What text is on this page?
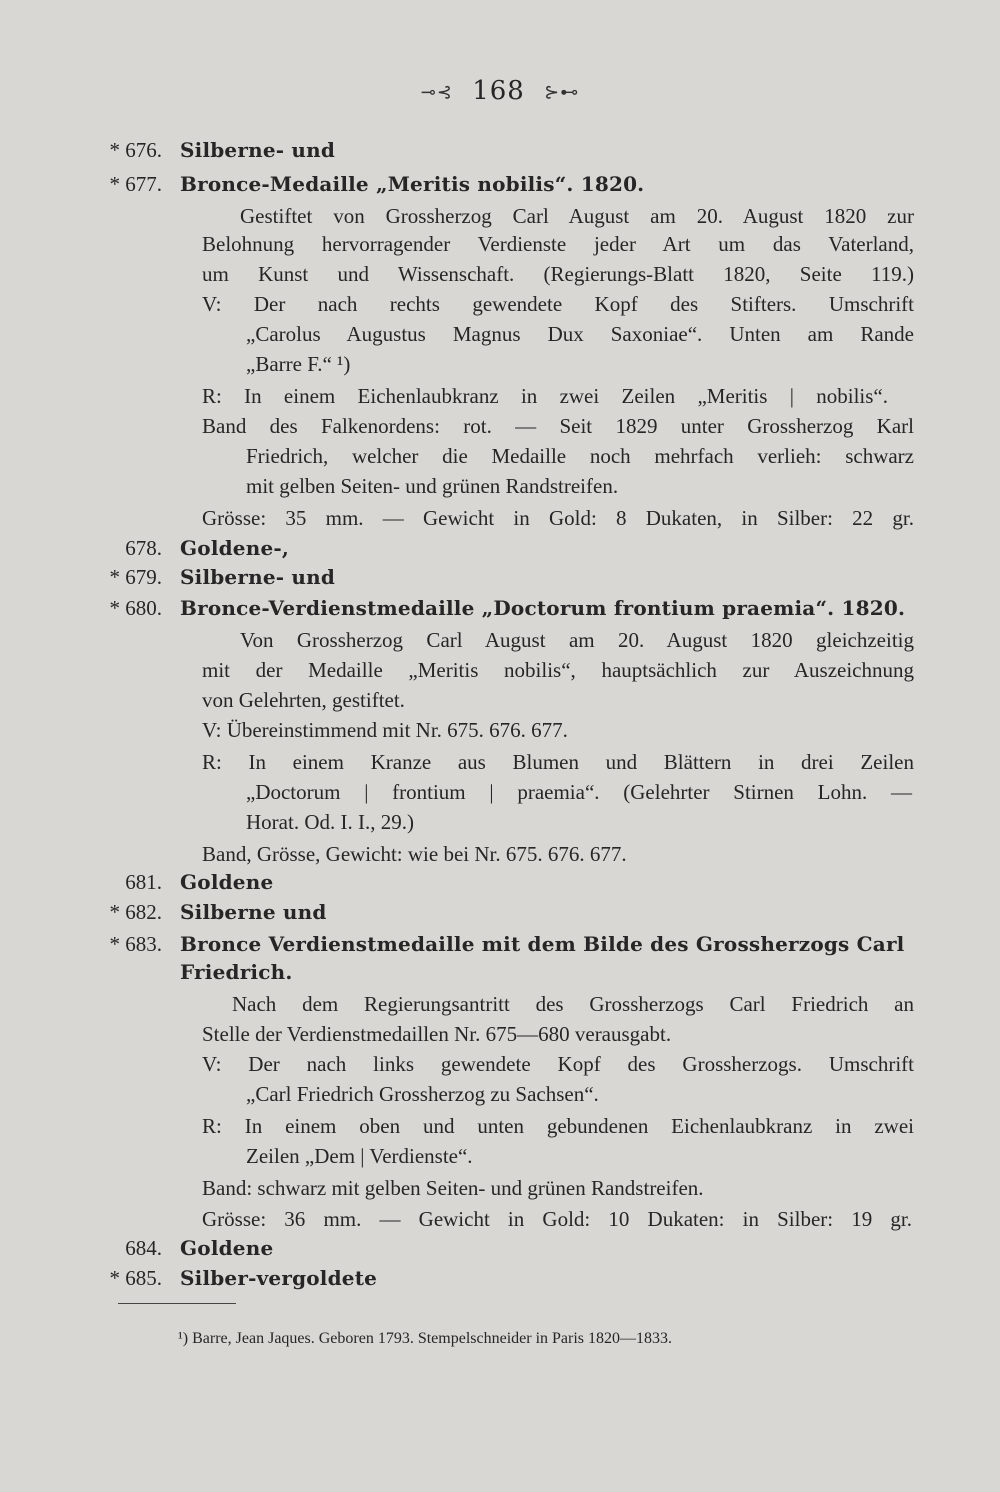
⊸⊰ 168 ⊱⊷
* 676. Silberne- und
* 677. Bronce-Medaille „Meritis nobilis“. 1820.
Gestiftet von Grossherzog Carl August am 20. August 1820 zur
Belohnung hervorragender Verdienste jeder Art um das Vaterland,
um Kunst und Wissenschaft. (Regierungs-Blatt 1820, Seite 119.)
V: Der nach rechts gewendete Kopf des Stifters. Umschrift
„Carolus Augustus Magnus Dux Saxoniae“. Unten am Rande
„Barre F.“ ¹)
R: In einem Eichenlaubkranz in zwei Zeilen „Meritis | nobilis“.
Band des Falkenordens: rot. — Seit 1829 unter Grossherzog Karl
Friedrich, welcher die Medaille noch mehrfach verlieh: schwarz
mit gelben Seiten- und grünen Randstreifen.
Grösse: 35 mm. — Gewicht in Gold: 8 Dukaten, in Silber: 22 gr.
678. Goldene-,
* 679. Silberne- und
* 680. Bronce-Verdienstmedaille „Doctorum frontium praemia“. 1820.
Von Grossherzog Carl August am 20. August 1820 gleichzeitig
mit der Medaille „Meritis nobilis“, hauptsächlich zur Auszeichnung
von Gelehrten, gestiftet.
V: Übereinstimmend mit Nr. 675. 676. 677.
R: In einem Kranze aus Blumen und Blättern in drei Zeilen
„Doctorum | frontium | praemia“. (Gelehrter Stirnen Lohn. —
Horat. Od. I. I., 29.)
Band, Grösse, Gewicht: wie bei Nr. 675. 676. 677.
681. Goldene
* 682. Silberne und
* 683. Bronce Verdienstmedaille mit dem Bilde des Grossherzogs Carl
Friedrich.
Nach dem Regierungsantritt des Grossherzogs Carl Friedrich an
Stelle der Verdienstmedaillen Nr. 675—680 verausgabt.
V: Der nach links gewendete Kopf des Grossherzogs. Umschrift
„Carl Friedrich Grossherzog zu Sachsen“.
R: In einem oben und unten gebundenen Eichenlaubkranz in zwei
Zeilen „Dem | Verdienste“.
Band: schwarz mit gelben Seiten- und grünen Randstreifen.
Grösse: 36 mm. — Gewicht in Gold: 10 Dukaten: in Silber: 19 gr.
684. Goldene
* 685. Silber-vergoldete
¹) Barre, Jean Jaques. Geboren 1793. Stempelschneider in Paris 1820—1833.
